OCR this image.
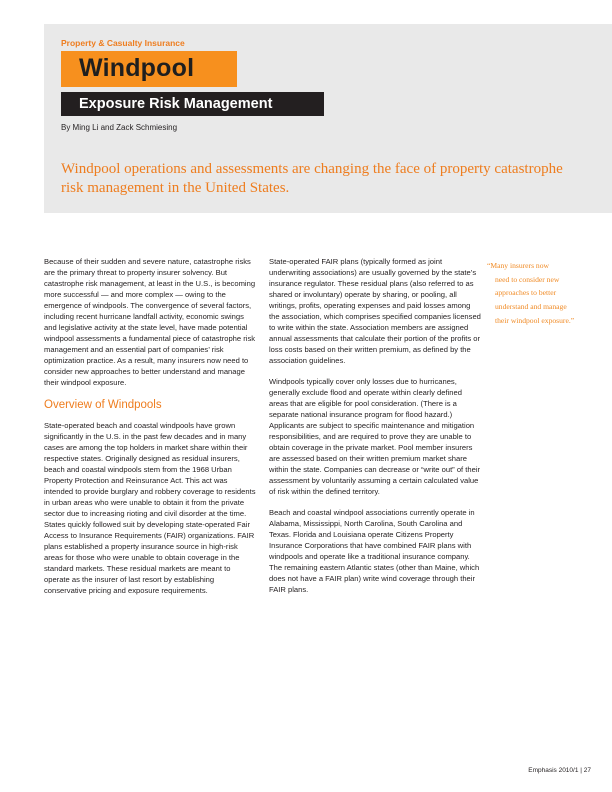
Property & Casualty Insurance
Windpool
Exposure Risk Management
By Ming Li and Zack Schmiesing

Windpool operations and assessments are changing the face of property catastrophe risk management in the United States.

Because of their sudden and severe nature, catastrophe risks are the primary threat to property insurer solvency. But catastrophe risk management, at least in the U.S., is becoming more successful — and more complex — owing to the emergence of windpools. The convergence of several factors, including recent hurricane landfall activity, economic swings and legislative activity at the state level, have made potential windpool assessments a fundamental piece of catastrophe risk management and an essential part of companies’ risk optimization practice. As a result, many insurers now need to consider new approaches to better understand and manage their windpool exposure.

Overview of Windpools

State-operated beach and coastal windpools have grown significantly in the U.S. in the past few decades and in many cases are among the top holders in market share within their respective states. Originally designed as residual insurers, beach and coastal windpools stem from the 1968 Urban Property Protection and Reinsurance Act. This act was intended to provide burglary and robbery coverage to residents in urban areas who were unable to obtain it from the private sector due to increasing rioting and civil disorder at the time. States quickly followed suit by developing state-operated Fair Access to Insurance Requirements (FAIR) organizations. FAIR plans established a property insurance source in high-risk areas for those who were unable to obtain coverage in the standard markets. These residual markets are meant to operate as the insurer of last resort by establishing conservative pricing and exposure requirements.

State-operated FAIR plans (typically formed as joint underwriting associations) are usually governed by the state’s insurance regulator. These residual plans (also referred to as shared or involuntary) operate by sharing, or pooling, all writings, profits, operating expenses and paid losses among the association, which comprises specified companies licensed to write within the state. Association members are assigned annual assessments that calculate their portion of the profits or loss costs based on their written premium, as defined by the association guidelines.

Windpools typically cover only losses due to hurricanes, generally exclude flood and operate within clearly defined areas that are eligible for pool consideration. (There is a separate national insurance program for flood hazard.) Applicants are subject to specific maintenance and mitigation responsibilities, and are required to prove they are unable to obtain coverage in the private market. Pool member insurers are assessed based on their written premium market share within the state. Companies can decrease or “write out” of their assessment by voluntarily assuming a certain calculated value of risk within the defined territory.

Beach and coastal windpool associations currently operate in Alabama, Mississippi, North Carolina, South Carolina and Texas. Florida and Louisiana operate Citizens Property Insurance Corporations that have combined FAIR plans with windpools and operate like a traditional insurance company. The remaining eastern Atlantic states (other than Maine, which does not have a FAIR plan) write wind coverage through their FAIR plans.

“Many insurers now
need to consider new
approaches to better
understand and manage
their windpool exposure.”

Emphasis 2010/1 | 27
